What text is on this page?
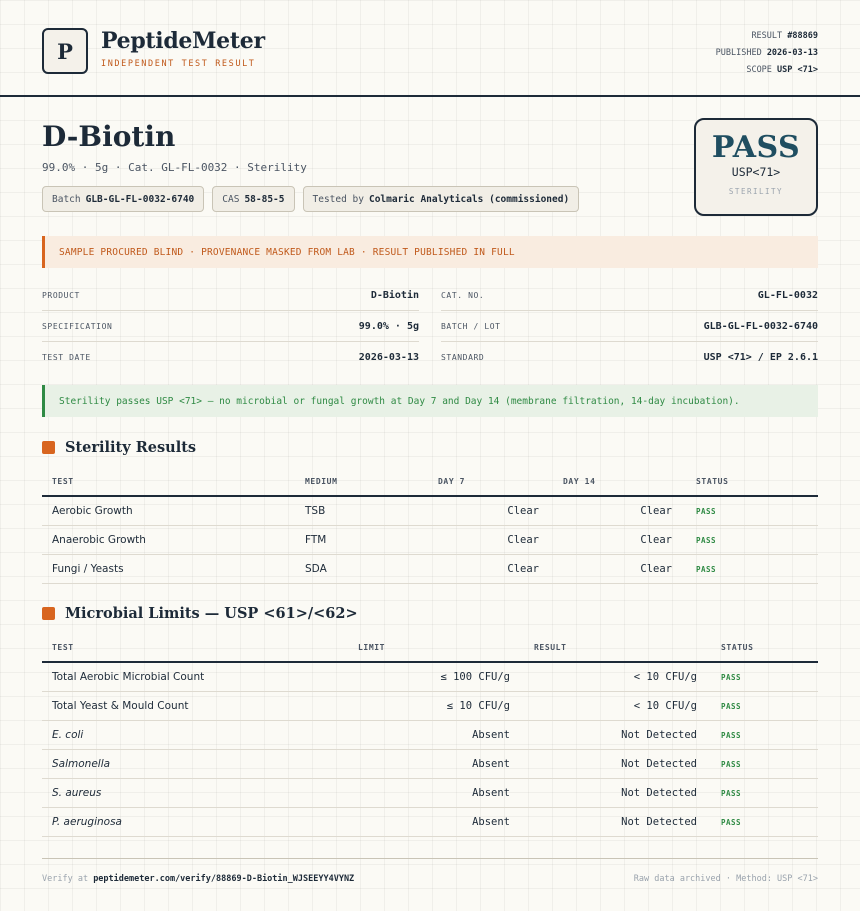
P	PeptideMeter
INDEPENDENT TEST RESULT
RESULT #88869
PUBLISHED 2026-03-13
SCOPE USP <71>
D-Biotin
99.0% · 5g · Cat. GL-FL-0032 · Sterility
Batch GLB-GL-FL-0032-6740	CAS 58-85-5	Tested by Colmaric Analyticals (commissioned)
PASS
USP<71>
STERILITY
SAMPLE PROCURED BLIND · PROVENANCE MASKED FROM LAB · RESULT PUBLISHED IN FULL
PRODUCT	D-Biotin
SPECIFICATION	99.0% · 5g
TEST DATE	2026-03-13
CAT. NO.	GL-FL-0032
BATCH / LOT	GLB-GL-FL-0032-6740
STANDARD	USP <71> / EP 2.6.1
Sterility passes USP <71> — no microbial or fungal growth at Day 7 and Day 14 (membrane filtration, 14-day incubation).
Sterility Results
TEST	MEDIUM	DAY 7	DAY 14	STATUS
Aerobic Growth	TSB	Clear	Clear	PASS
Anaerobic Growth	FTM	Clear	Clear	PASS
Fungi / Yeasts	SDA	Clear	Clear	PASS
Microbial Limits — USP <61>/<62>
TEST	LIMIT	RESULT	STATUS
Total Aerobic Microbial Count	≤ 100 CFU/g	< 10 CFU/g	PASS
Total Yeast & Mould Count	≤ 10 CFU/g	< 10 CFU/g	PASS
E. coli	Absent	Not Detected	PASS
Salmonella	Absent	Not Detected	PASS
S. aureus	Absent	Not Detected	PASS
P. aeruginosa	Absent	Not Detected	PASS
Verify at peptidemeter.com/verify/88869-D-Biotin_WJSEEYY4VYNZ	Raw data archived · Method: USP <71>
